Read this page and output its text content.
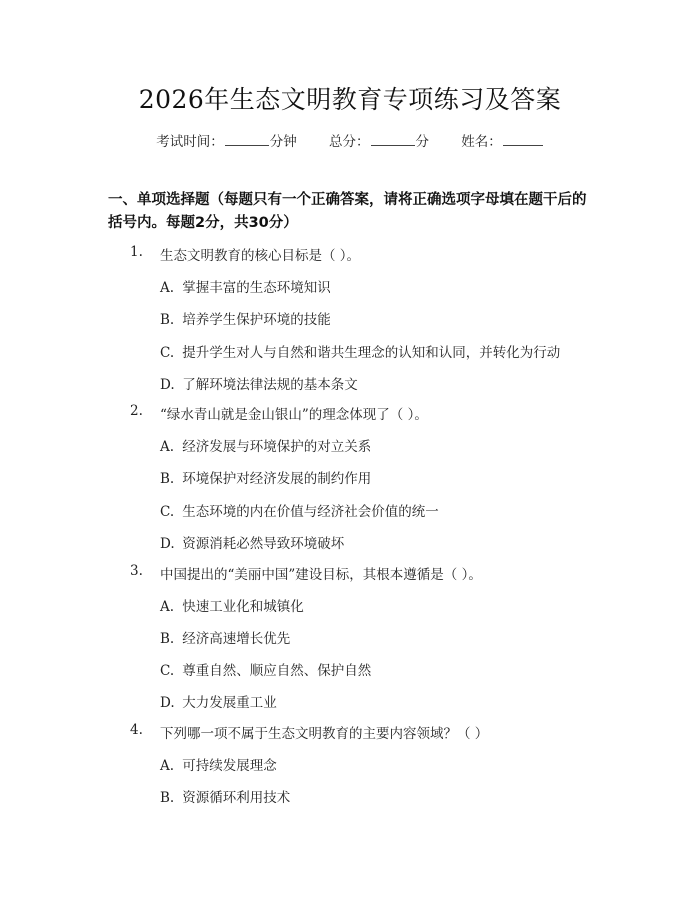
2026年生态文明教育专项练习及答案
考试时间：	分钟 总分：	分 姓名：
一、单项选择题（每题只有一个正确答案，请将正确选项字母填在题干后的括号内。每题2分，共30分）
1.	生态文明教育的核心目标是（ ）。
A. 掌握丰富的生态环境知识
B. 培养学生保护环境的技能
C. 提升学生对人与自然和谐共生理念的认知和认同，并转化为行动
D. 了解环境法律法规的基本条文
2.	“绿水青山就是金山银山”的理念体现了（ ）。
A. 经济发展与环境保护的对立关系
B. 环境保护对经济发展的制约作用
C. 生态环境的内在价值与经济社会价值的统一
D. 资源消耗必然导致环境破坏
3.	中国提出的“美丽中国”建设目标，其根本遵循是（ ）。
A. 快速工业化和城镇化
B. 经济高速增长优先
C. 尊重自然、顺应自然、保护自然
D. 大力发展重工业
4.	下列哪一项不属于生态文明教育的主要内容领域？（ ）
A. 可持续发展理念
B. 资源循环利用技术
